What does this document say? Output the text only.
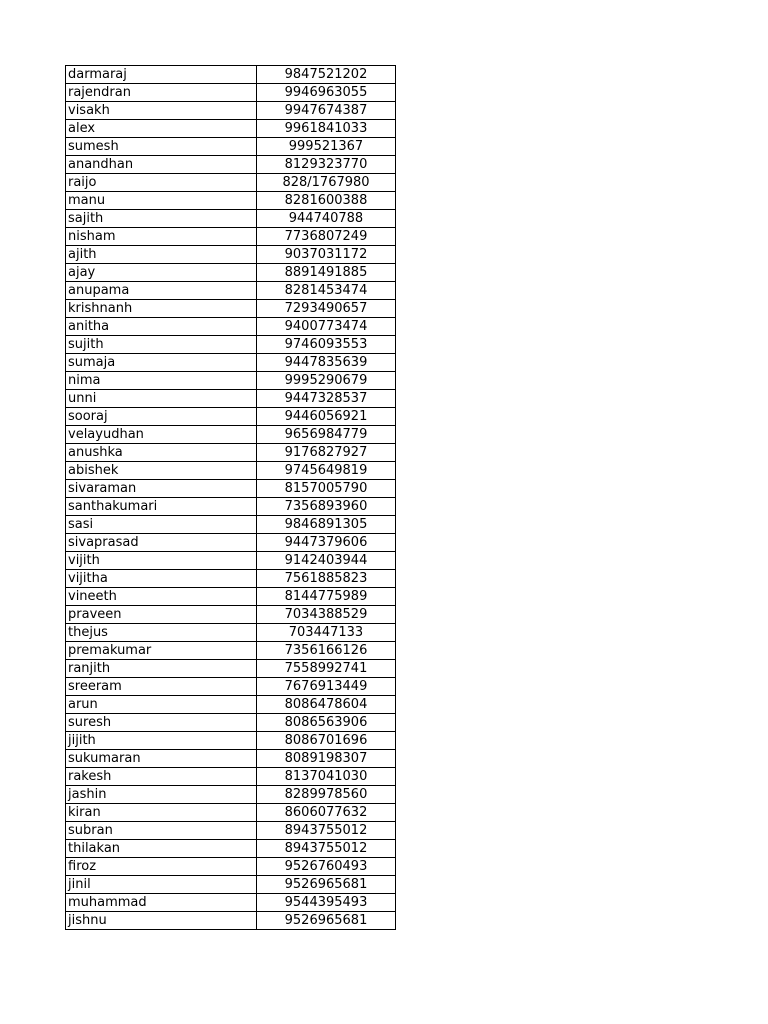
darmaraj	9847521202
rajendran	9946963055
visakh	9947674387
alex	9961841033
sumesh	999521367
anandhan	8129323770
raijo	828/1767980
manu	8281600388
sajith	944740788
nisham	7736807249
ajith	9037031172
ajay	8891491885
anupama	8281453474
krishnanh	7293490657
anitha	9400773474
sujith	9746093553
sumaja	9447835639
nima	9995290679
unni	9447328537
sooraj	9446056921
velayudhan	9656984779
anushka	9176827927
abishek	9745649819
sivaraman	8157005790
santhakumari	7356893960
sasi	9846891305
sivaprasad	9447379606
vijith	9142403944
vijitha	7561885823
vineeth	8144775989
praveen	7034388529
thejus	703447133
premakumar	7356166126
ranjith	7558992741
sreeram	7676913449
arun	8086478604
suresh	8086563906
jijith	8086701696
sukumaran	8089198307
rakesh	8137041030
jashin	8289978560
kiran	8606077632
subran	8943755012
thilakan	8943755012
firoz	9526760493
jinil	9526965681
muhammad	9544395493
jishnu	9526965681
